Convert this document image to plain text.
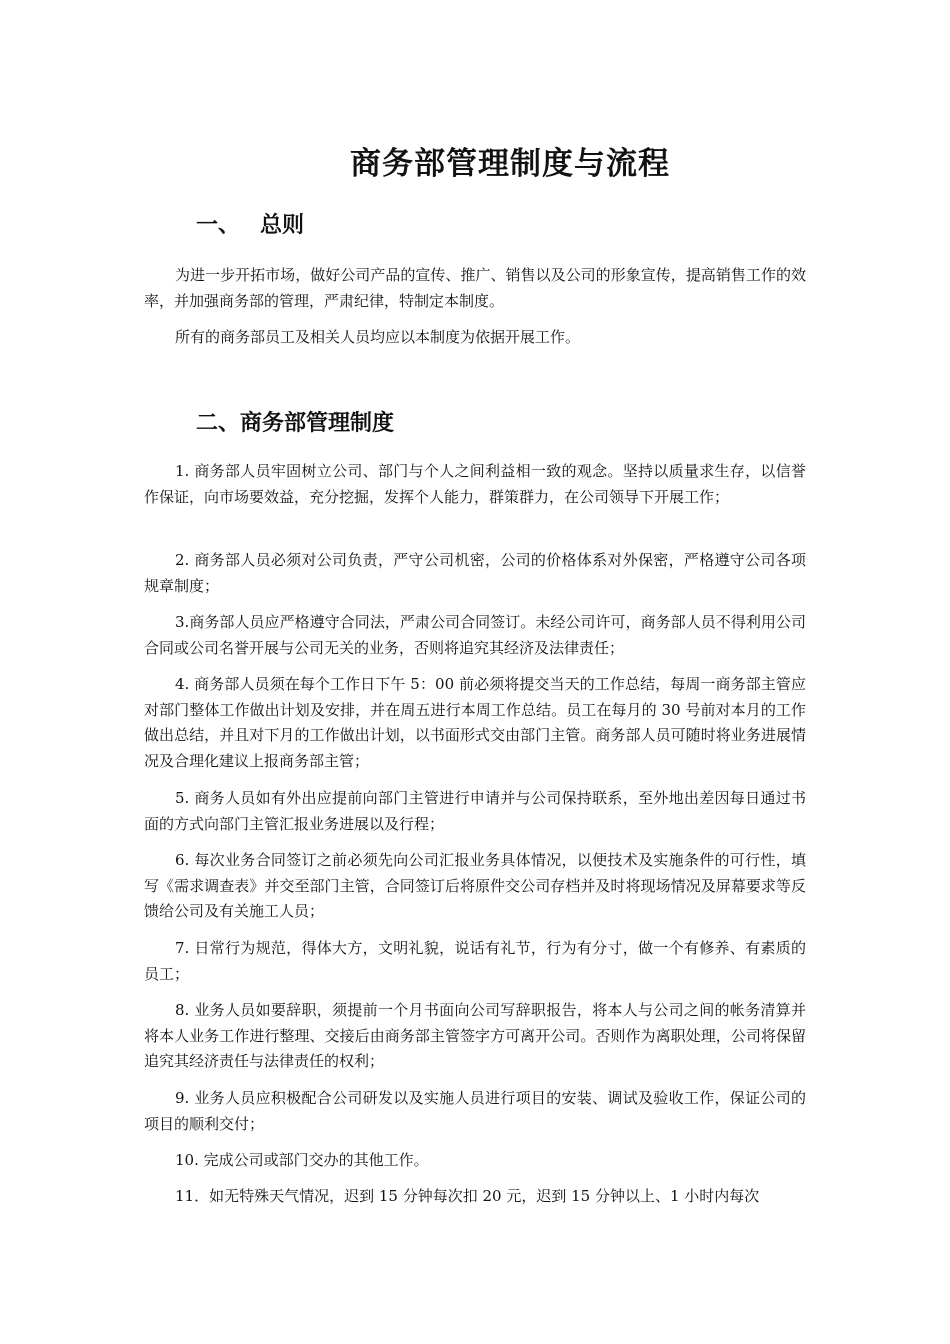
商务部管理制度与流程
一、 总则

为进一步开拓市场，做好公司产品的宣传、推广、销售以及公司的形象宣传，提高销售工作的效率，并加强商务部的管理，严肃纪律，特制定本制度。

所有的商务部员工及相关人员均应以本制度为依据开展工作。

二、商务部管理制度

1. 商务部人员牢固树立公司、部门与个人之间利益相一致的观念。坚持以质量求生存，以信誉作保证，向市场要效益，充分挖掘，发挥个人能力，群策群力，在公司领导下开展工作；

2. 商务部人员必须对公司负责，严守公司机密，公司的价格体系对外保密，严格遵守公司各项规章制度；

3.商务部人员应严格遵守合同法，严肃公司合同签订。未经公司许可，商务部人员不得利用公司合同或公司名誉开展与公司无关的业务，否则将追究其经济及法律责任；

4. 商务部人员须在每个工作日下午 5：00 前必须将提交当天的工作总结，每周一商务部主管应对部门整体工作做出计划及安排，并在周五进行本周工作总结。员工在每月的 30 号前对本月的工作做出总结，并且对下月的工作做出计划，以书面形式交由部门主管。商务部人员可随时将业务进展情况及合理化建议上报商务部主管；

5. 商务人员如有外出应提前向部门主管进行申请并与公司保持联系，至外地出差因每日通过书面的方式向部门主管汇报业务进展以及行程；

6. 每次业务合同签订之前必须先向公司汇报业务具体情况，以便技术及实施条件的可行性，填写《需求调查表》并交至部门主管，合同签订后将原件交公司存档并及时将现场情况及屏幕要求等反馈给公司及有关施工人员；

7. 日常行为规范，得体大方，文明礼貌，说话有礼节，行为有分寸，做一个有修养、有素质的员工；

8. 业务人员如要辞职，须提前一个月书面向公司写辞职报告，将本人与公司之间的帐务清算并将本人业务工作进行整理、交接后由商务部主管签字方可离开公司。否则作为离职处理，公司将保留追究其经济责任与法律责任的权利；

9. 业务人员应积极配合公司研发以及实施人员进行项目的安装、调试及验收工作，保证公司的项目的顺利交付；

10. 完成公司或部门交办的其他工作。

11．如无特殊天气情况，迟到 15 分钟每次扣 20 元，迟到 15 分钟以上、1 小时内每次
